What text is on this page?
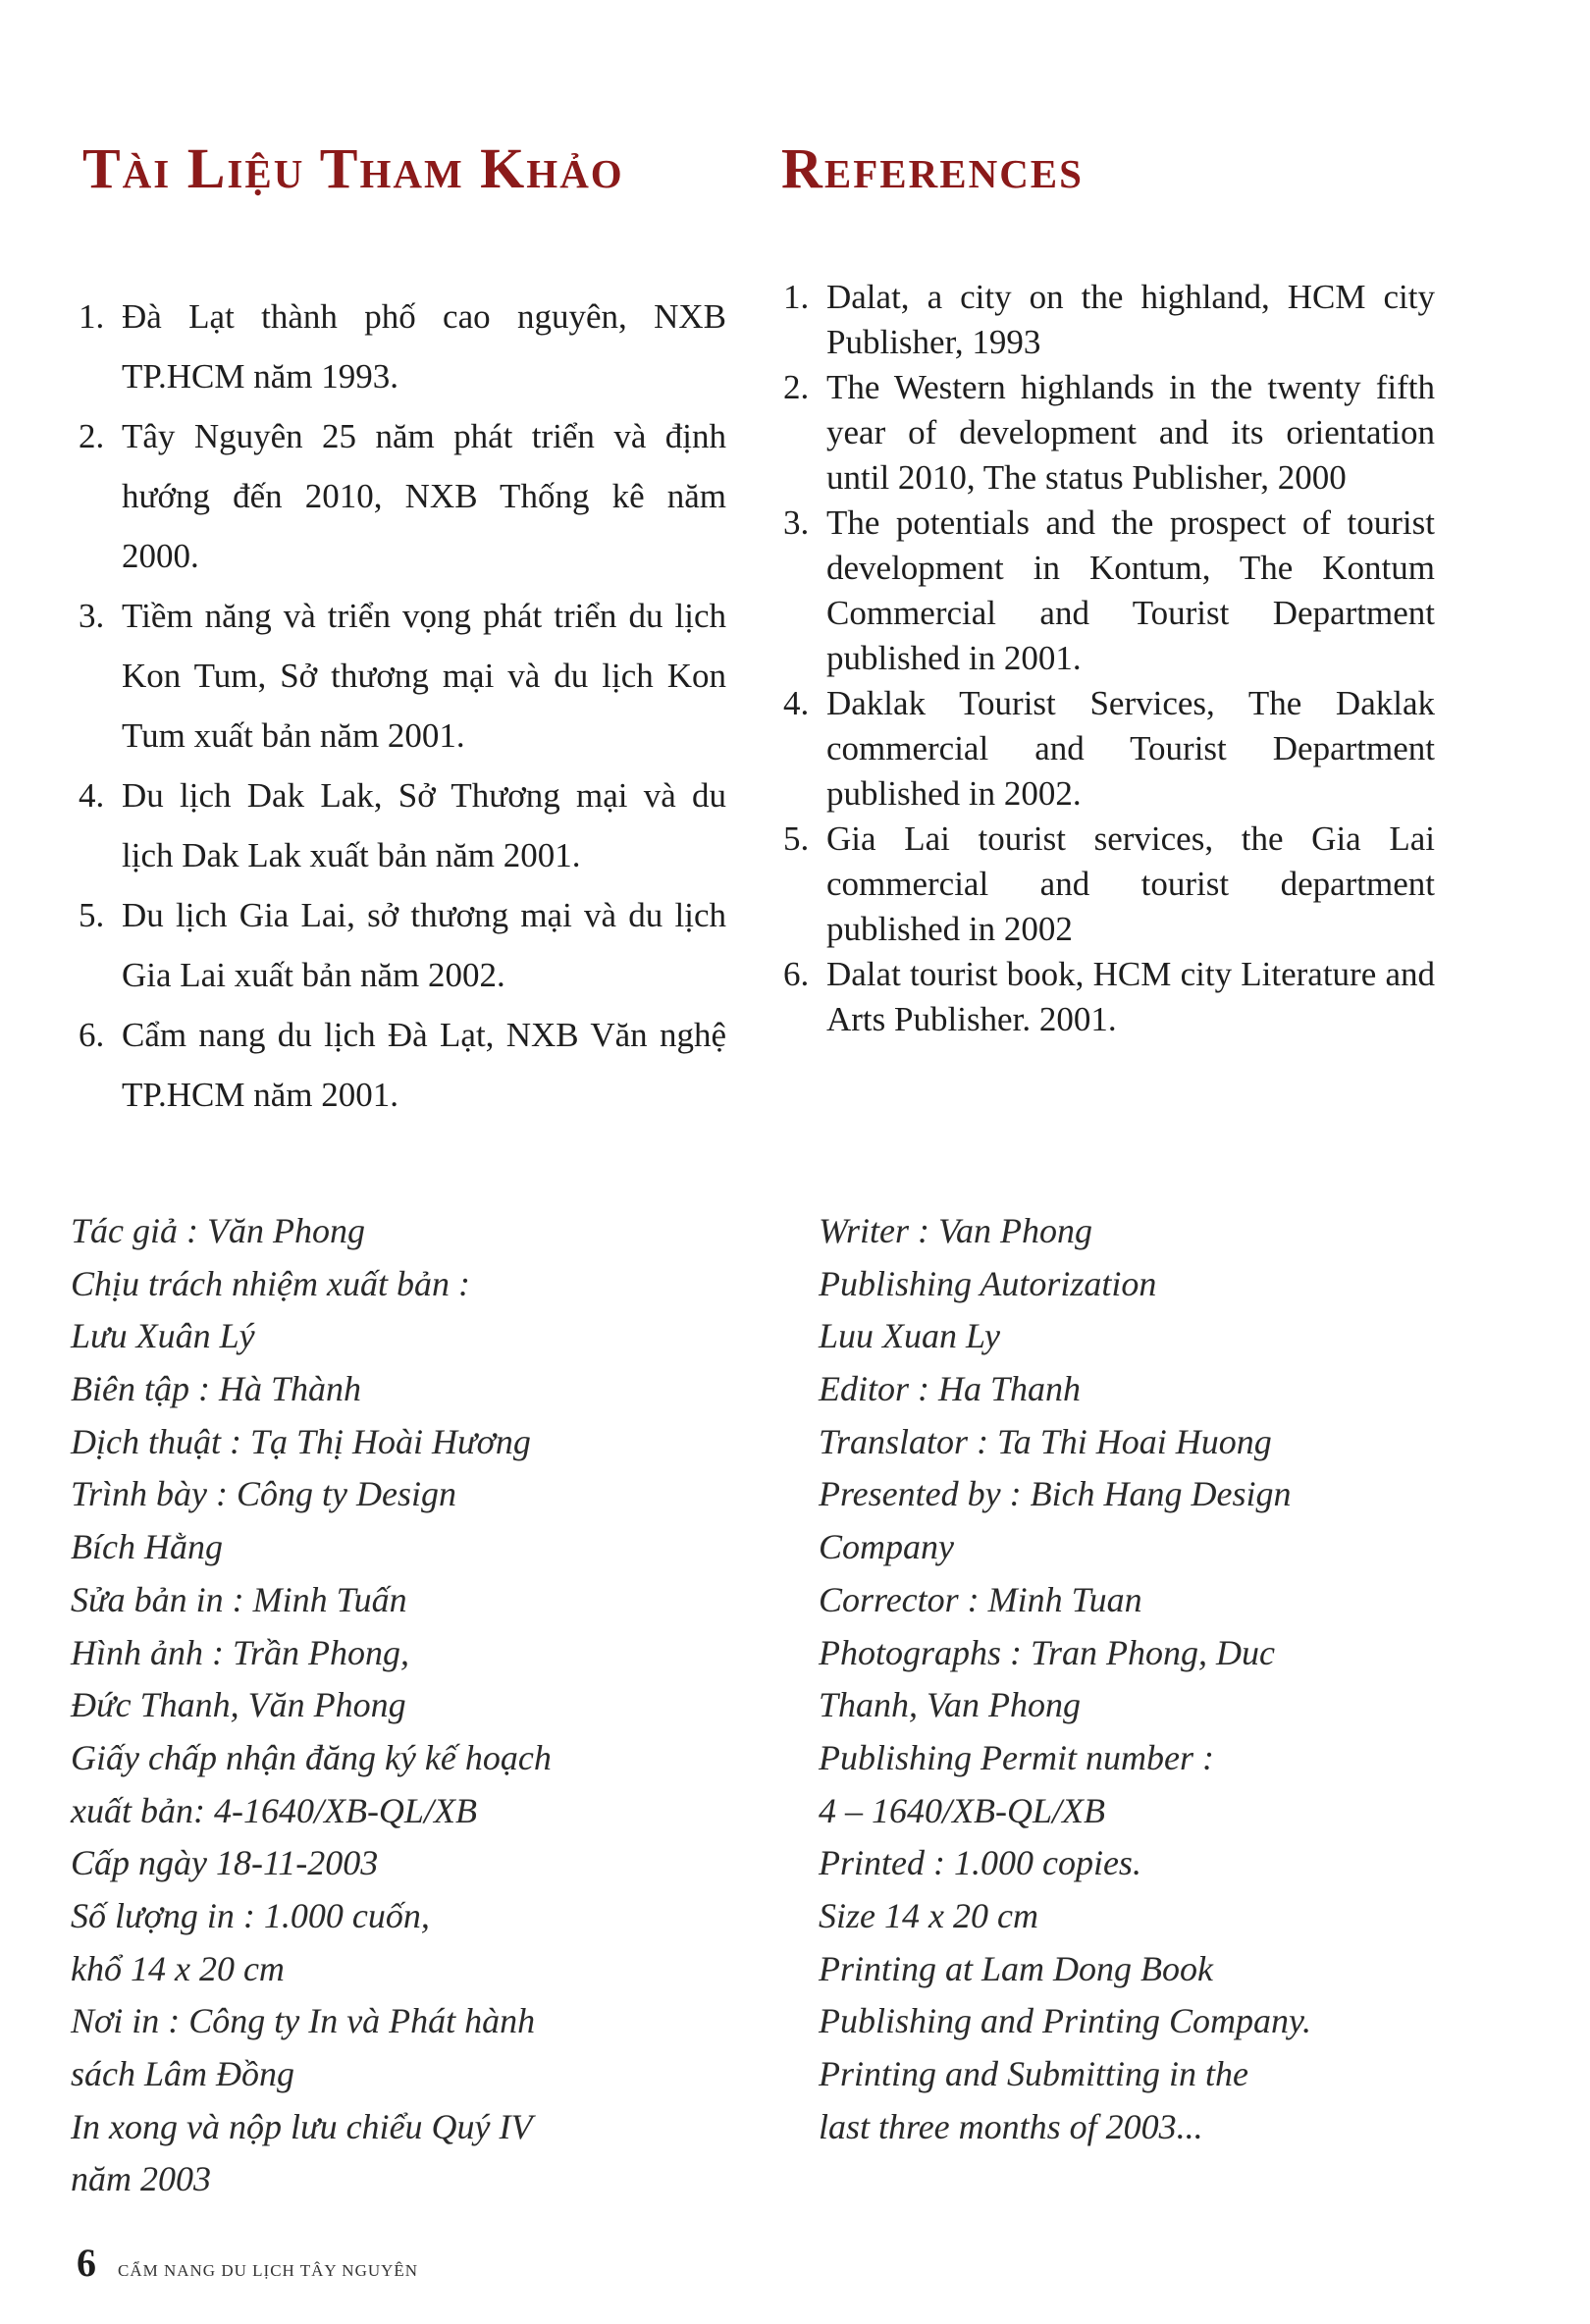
Tài Liệu Tham Khảo	References
1. Đà Lạt thành phố cao nguyên, NXB TP.HCM năm 1993.
2. Tây Nguyên 25 năm phát triển và định hướng đến 2010, NXB Thống kê năm 2000.
3. Tiềm năng và triển vọng phát triển du lịch Kon Tum, Sở thương mại và du lịch Kon Tum xuất bản năm 2001.
4. Du lịch Dak Lak, Sở Thương mại và du lịch Dak Lak xuất bản năm 2001.
5. Du lịch Gia Lai, sở thương mại và du lịch Gia Lai xuất bản năm 2002.
6. Cẩm nang du lịch Đà Lạt, NXB Văn nghệ TP.HCM năm 2001.
1. Dalat, a city on the highland, HCM city Publisher, 1993
2. The Western highlands in the twenty fifth year of development and its orientation until 2010, The status Publisher, 2000
3. The potentials and the prospect of tourist development in Kontum, The Kontum Commercial and Tourist Department published in 2001.
4. Daklak Tourist Services, The Daklak commercial and Tourist Department published in 2002.
5. Gia Lai tourist services, the Gia Lai commercial and tourist department published in 2002
6. Dalat tourist book, HCM city Literature and Arts Publisher. 2001.
Tác giả : Văn Phong
Chịu trách nhiệm xuất bản :
Lưu Xuân Lý
Biên tập : Hà Thành
Dịch thuật : Tạ Thị Hoài Hương
Trình bày : Công ty Design
Bích Hằng
Sửa bản in : Minh Tuấn
Hình ảnh : Trần Phong,
Đức Thanh, Văn Phong
Giấy chấp nhận đăng ký kế hoạch
xuất bản: 4-1640/XB-QL/XB
Cấp ngày 18-11-2003
Số lượng in : 1.000 cuốn,
khổ 14 x 20 cm
Nơi in : Công ty In và Phát hành
sách Lâm Đồng
In xong và nộp lưu chiểu Quý IV
năm 2003
Writer : Van Phong
Publishing Autorization
Luu Xuan Ly
Editor : Ha Thanh
Translator : Ta Thi Hoai Huong
Presented by : Bich Hang Design
Company
Corrector : Minh Tuan
Photographs : Tran Phong, Duc
Thanh, Van Phong
Publishing Permit number :
4 – 1640/XB-QL/XB
Printed : 1.000 copies.
Size 14 x 20 cm
Printing at Lam Dong Book
Publishing and Printing Company.
Printing and Submitting in the
last three months of 2003...
6 CẨM NANG DU LỊCH TÂY NGUYÊN
